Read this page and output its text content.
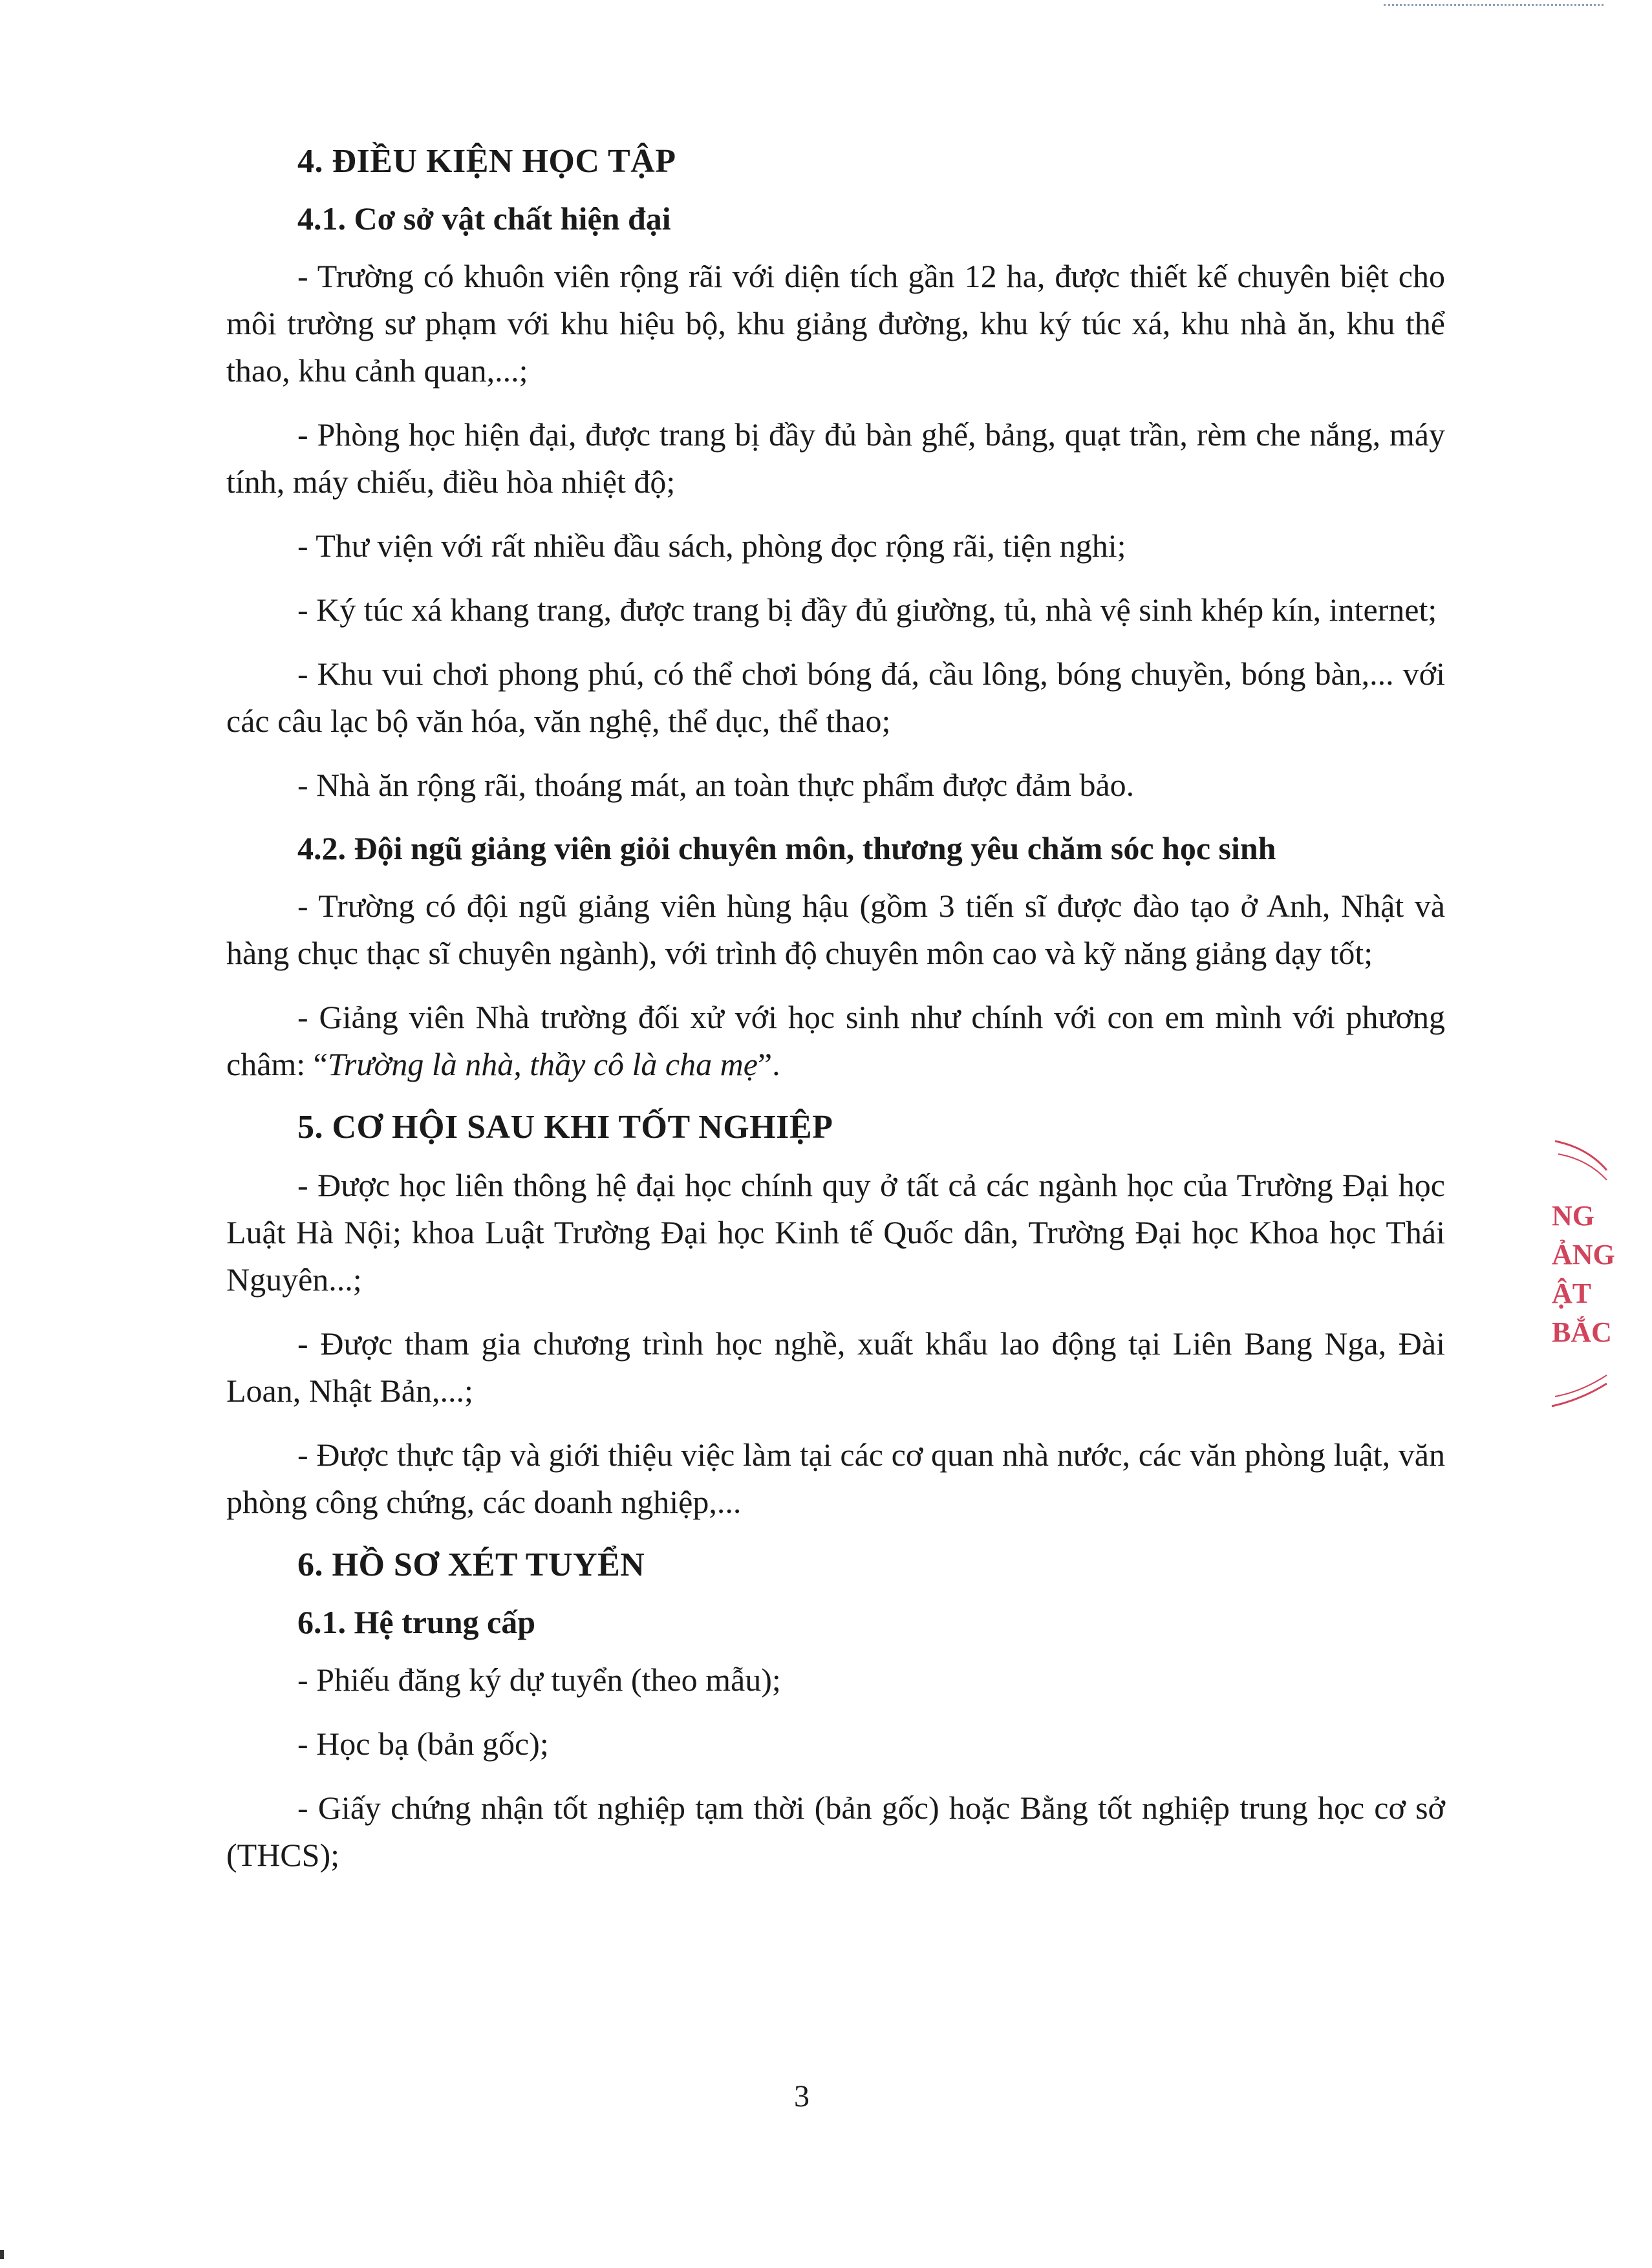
4. ĐIỀU KIỆN HỌC TẬP
4.1. Cơ sở vật chất hiện đại

- Trường có khuôn viên rộng rãi với diện tích gần 12 ha, được thiết kế chuyên biệt cho môi trường sư phạm với khu hiệu bộ, khu giảng đường, khu ký túc xá, khu nhà ăn, khu thể thao, khu cảnh quan,...;

- Phòng học hiện đại, được trang bị đầy đủ bàn ghế, bảng, quạt trần, rèm che nắng, máy tính, máy chiếu, điều hòa nhiệt độ;

- Thư viện với rất nhiều đầu sách, phòng đọc rộng rãi, tiện nghi;

- Ký túc xá khang trang, được trang bị đầy đủ giường, tủ, nhà vệ sinh khép kín, internet;

- Khu vui chơi phong phú, có thể chơi bóng đá, cầu lông, bóng chuyền, bóng bàn,... với các câu lạc bộ văn hóa, văn nghệ, thể dục, thể thao;

- Nhà ăn rộng rãi, thoáng mát, an toàn thực phẩm được đảm bảo.

4.2. Đội ngũ giảng viên giỏi chuyên môn, thương yêu chăm sóc học sinh

- Trường có đội ngũ giảng viên hùng hậu (gồm 3 tiến sĩ được đào tạo ở Anh, Nhật và hàng chục thạc sĩ chuyên ngành), với trình độ chuyên môn cao và kỹ năng giảng dạy tốt;

- Giảng viên Nhà trường đối xử với học sinh như chính với con em mình với phương châm: “Trường là nhà, thầy cô là cha mẹ”.

5. CƠ HỘI SAU KHI TỐT NGHIỆP

- Được học liên thông hệ đại học chính quy ở tất cả các ngành học của Trường Đại học Luật Hà Nội; khoa Luật Trường Đại học Kinh tế Quốc dân, Trường Đại học Khoa học Thái Nguyên...;

- Được tham gia chương trình học nghề, xuất khẩu lao động tại Liên Bang Nga, Đài Loan, Nhật Bản,...;

- Được thực tập và giới thiệu việc làm tại các cơ quan nhà nước, các văn phòng luật, văn phòng công chứng, các doanh nghiệp,...

6. HỒ SƠ XÉT TUYỂN
6.1. Hệ trung cấp

- Phiếu đăng ký dự tuyển (theo mẫu);

- Học bạ (bản gốc);

- Giấy chứng nhận tốt nghiệp tạm thời (bản gốc) hoặc Bằng tốt nghiệp trung học cơ sở (THCS);

NG
ẢNG
ẬT
BẮC
3
